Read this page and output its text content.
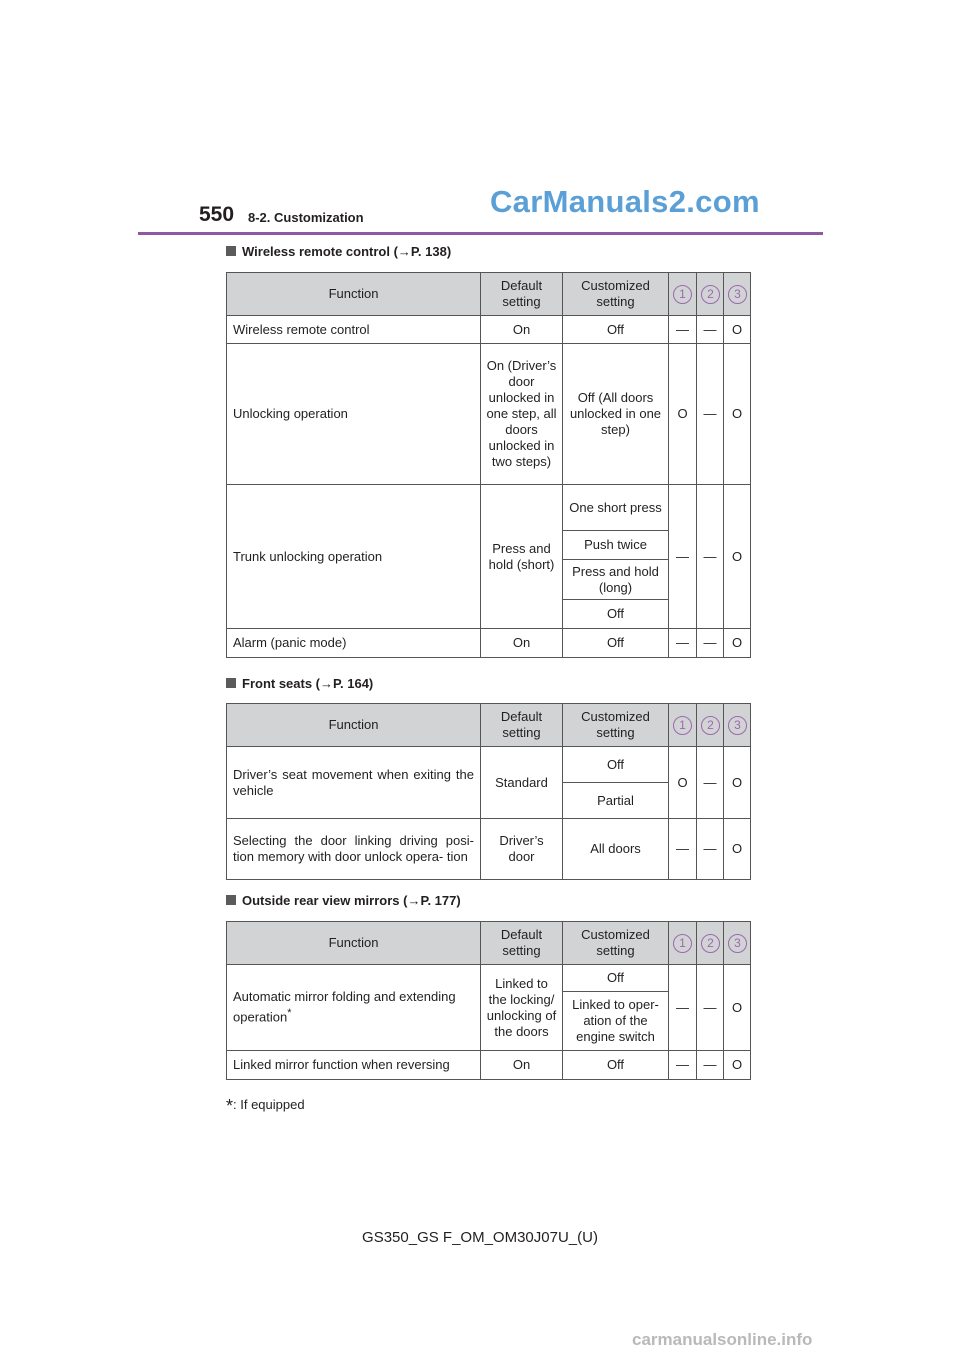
550 8-2. Customization	CarManuals2.com
Wireless remote control (→P. 138)
Function	Default setting	Customized setting	1	2	3
Wireless remote control	On	Off	—	—	O
Unlocking operation	On (Driver’s door unlocked in one step, all doors unlocked in two steps)	Off (All doors unlocked in one step)	O	—	O
Trunk unlocking operation	Press and hold (short)	One short press	—	—	O
		Push twice			
		Press and hold (long)			
		Off			
Alarm (panic mode)	On	Off	—	—	O
Front seats (→P. 164)
Function	Default setting	Customized setting	1	2	3
Driver’s seat movement when exiting the vehicle	Standard	Off	O	—	O
		Partial			
Selecting the door linking driving posi- tion memory with door unlock opera- tion	Driver’s door	All doors	—	—	O
Outside rear view mirrors (→P. 177)
Function	Default setting	Customized setting	1	2	3
Automatic mirror folding and extending operation*	Linked to the locking/ unlocking of the doors	Off	—	—	O
		Linked to oper- ation of the engine switch			
Linked mirror function when reversing	On	Off	—	—	O
*: If equipped
GS350_GS F_OM_OM30J07U_(U)
carmanualsonline.info
